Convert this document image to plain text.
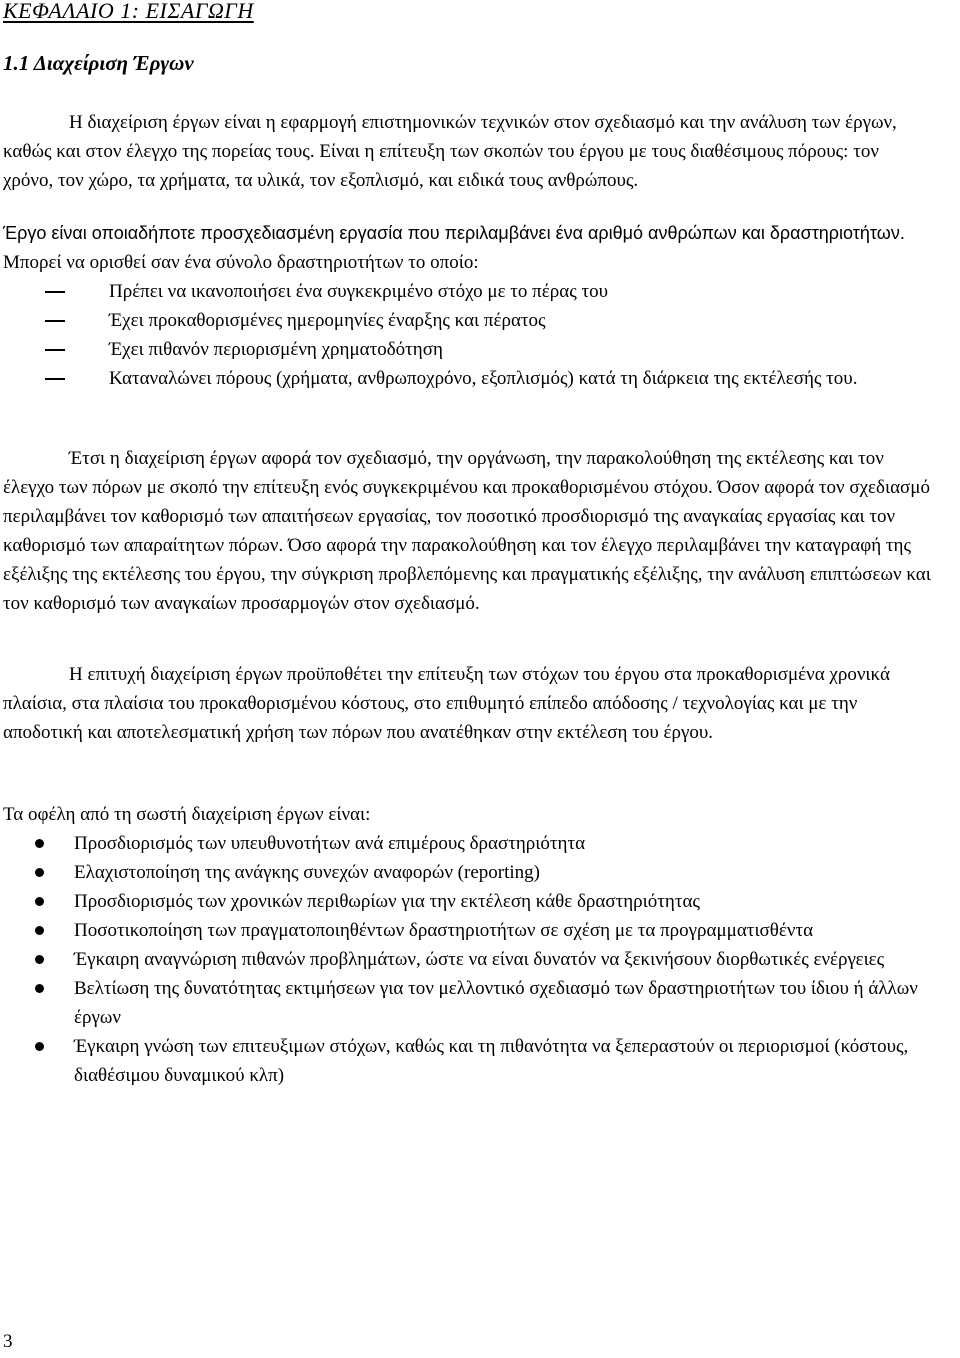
ΚΕΦΑΛΑΙΟ 1: ΕΙΣΑΓΩΓΗ
1.1 Διαχείριση Έργων

Η διαχείριση έργων είναι η εφαρμογή επιστημονικών τεχνικών στον σχεδιασμό και την ανάλυση των έργων, καθώς και στον έλεγχο της πορείας τους. Είναι η επίτευξη των σκοπών του έργου με τους διαθέσιμους πόρους: τον χρόνο, τον χώρο, τα χρήματα, τα υλικά, τον εξοπλισμό, και ειδικά τους ανθρώπους.

Έργο είναι οποιαδήποτε προσχεδιασμένη εργασία που περιλαμβάνει ένα αριθμό ανθρώπων και δραστηριοτήτων. Μπορεί να ορισθεί σαν ένα σύνολο δραστηριοτήτων το οποίο:

Πρέπει να ικανοποιήσει ένα συγκεκριμένο στόχο με το πέρας του
Έχει προκαθορισμένες ημερομηνίες έναρξης και πέρατος
Έχει πιθανόν περιορισμένη χρηματοδότηση
Καταναλώνει πόρους (χρήματα, ανθρωποχρόνο, εξοπλισμός) κατά τη διάρκεια της εκτέλεσής του.

Έτσι η διαχείριση έργων αφορά τον σχεδιασμό, την οργάνωση, την παρακολούθηση της εκτέλεσης και τον έλεγχο των πόρων με σκοπό την επίτευξη ενός συγκεκριμένου και προκαθορισμένου στόχου. Όσον αφορά τον σχεδιασμό περιλαμβάνει τον καθορισμό των απαιτήσεων εργασίας, τον ποσοτικό προσδιορισμό της αναγκαίας εργασίας και τον καθορισμό των απαραίτητων πόρων. Όσο αφορά την παρακολούθηση και τον έλεγχο περιλαμβάνει την καταγραφή της εξέλιξης της εκτέλεσης του έργου, την σύγκριση προβλεπόμενης και πραγματικής εξέλιξης, την ανάλυση επιπτώσεων και τον καθορισμό των αναγκαίων προσαρμογών στον σχεδιασμό.

Η επιτυχή διαχείριση έργων προϋποθέτει την επίτευξη των στόχων του έργου στα προκαθορισμένα χρονικά πλαίσια, στα πλαίσια του προκαθορισμένου κόστους, στο επιθυμητό επίπεδο απόδοσης / τεχνολογίας και με την αποδοτική και αποτελεσματική χρήση των πόρων που ανατέθηκαν στην εκτέλεση του έργου.

Τα οφέλη από τη σωστή διαχείριση έργων είναι:

Προσδιορισμός των υπευθυνοτήτων ανά επιμέρους δραστηριότητα
Ελαχιστοποίηση της ανάγκης συνεχών αναφορών (reporting)
Προσδιορισμός των χρονικών περιθωρίων για την εκτέλεση κάθε δραστηριότητας
Ποσοτικοποίηση των πραγματοποιηθέντων δραστηριοτήτων σε σχέση με τα προγραμματισθέντα
Έγκαιρη αναγνώριση πιθανών προβλημάτων, ώστε να είναι δυνατόν να ξεκινήσουν διορθωτικές ενέργειες
Βελτίωση της δυνατότητας εκτιμήσεων για τον μελλοντικό σχεδιασμό των δραστηριοτήτων του ίδιου ή άλλων έργων
Έγκαιρη γνώση των επιτευξιμων στόχων, καθώς και τη πιθανότητα να ξεπεραστούν οι περιορισμοί (κόστους, διαθέσιμου δυναμικού κλπ)

3
